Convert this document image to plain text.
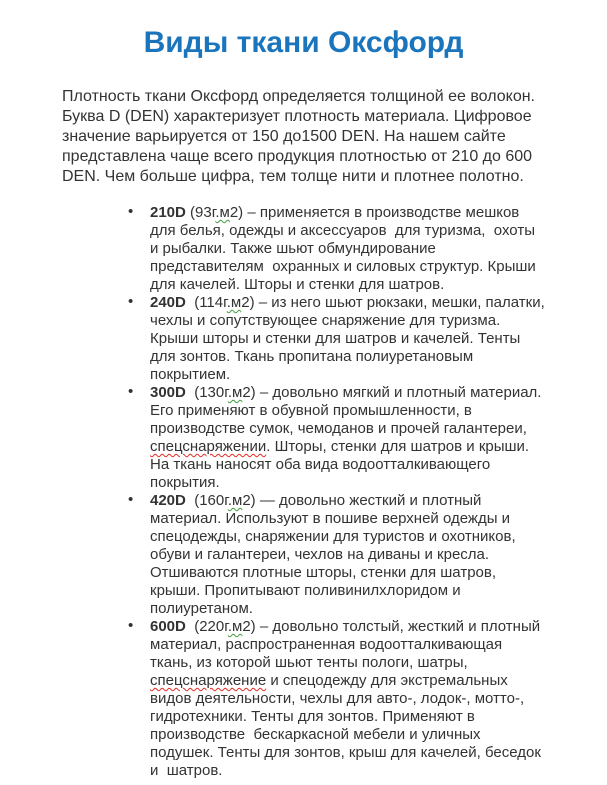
Виды ткани Оксфорд

Плотность ткани Оксфорд определяется толщиной ее волокон. Буква D (DEN) характеризует плотность материала. Цифровое значение варьируется от 150 до1500 DEN. На нашем сайте представлена чаще всего продукция плотностью от 210 до 600 DEN. Чем больше цифра, тем толще нити и плотнее полотно.

• 210D (93г.м2) – применяется в производстве мешков для белья, одежды и аксессуаров  для туризма,  охоты и рыбалки. Также шьют обмундирование представителям  охранных и силовых структур. Крыши для качелей. Шторы и стенки для шатров.
• 240D  (114г.м2) – из него шьют рюкзаки, мешки, палатки, чехлы и сопутствующее снаряжение для туризма. Крыши шторы и стенки для шатров и качелей. Тенты для зонтов. Ткань пропитана полиуретановым покрытием.
• 300D  (130г.м2) – довольно мягкий и плотный материал. Его применяют в обувной промышленности, в производстве сумок, чемоданов и прочей галантереи, спецснаряжении. Шторы, стенки для шатров и крыши. На ткань наносят оба вида водоотталкивающего  покрытия.
• 420D  (160г.м2) — довольно жесткий и плотный материал. Используют в пошиве верхней одежды и спецодежды, снаряжении для туристов и охотников, обуви и галантереи, чехлов на диваны и кресла. Отшиваются плотные шторы, стенки для шатров, крыши. Пропитывают поливинилхлоридом и полиуретаном.
• 600D  (220г.м2) – довольно толстый, жесткий и плотный материал, распространенная водоотталкивающая  ткань, из которой шьют тенты пологи, шатры, спецснаряжение и спецодежду для экстремальных  видов деятельности, чехлы для авто-, лодок-, мотто-, гидротехники. Тенты для зонтов. Применяют в производстве  бескаркасной мебели и уличных подушек. Тенты для зонтов, крыш для качелей, беседок и  шатров.
